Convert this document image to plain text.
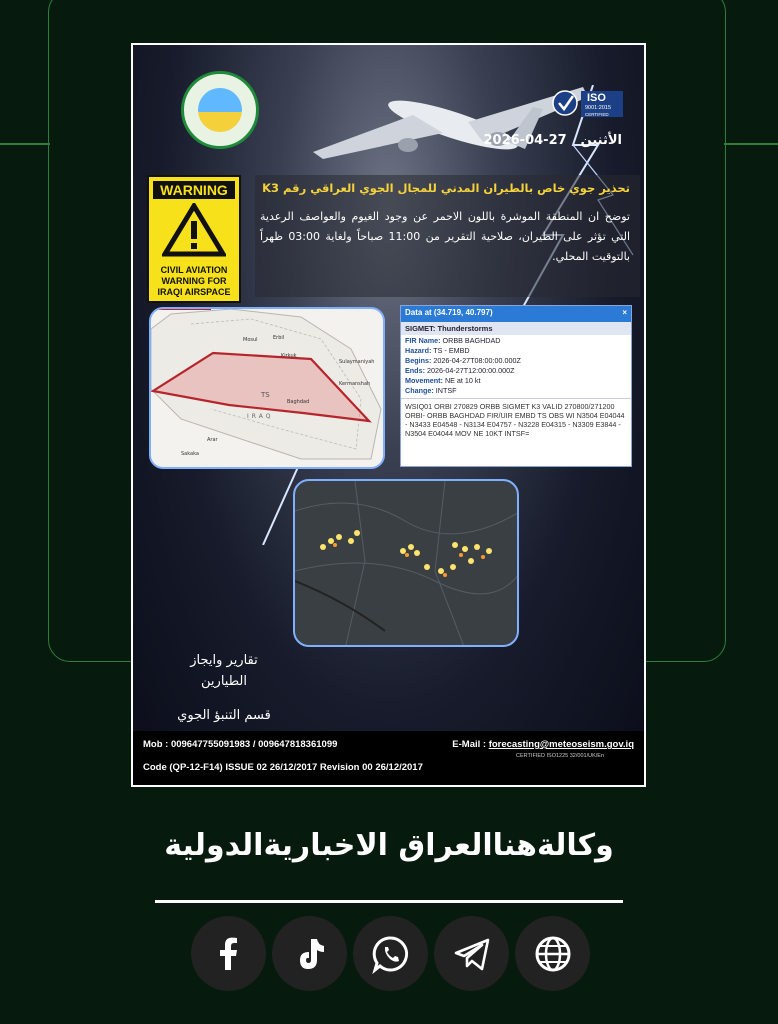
ISO
9001:2015
CERTIFIED
2026-04-27 الأثنين
WARNING
CIVIL AVIATION WARNING FOR IRAQI AIRSPACE
تحذير جوي خاص بالطيران المدني للمجال الجوي العراقي رقم K3
توضح ان المنطقة الموشرة باللون الاحمر عن وجود الغيوم والعواصف الرعدية التي تؤثر على الطيران، صلاحية التقرير من 11:00 صباحاً ولغاية 03:00 ظهراً بالتوقيت المحلي.
Mosul	Erbil
Kirkuk
Sulaymaniyah
Kermanshah
Baghdad
IRAQ
TS
Arar
Sakaka
Data at (34.719, 40.797)	×
SIGMET: Thunderstorms
FIR Name: ORBB BAGHDAD
Hazard: TS - EMBD
Begins: 2026-04-27T08:00:00.000Z
Ends: 2026-04-27T12:00:00.000Z
Movement: NE at 10 kt
Change: INTSF
WSIQ01 ORBI 270829 ORBB SIGMET K3 VALID 270800/271200 ORBI- ORBB BAGHDAD FIR/UIR EMBD TS OBS WI N3504 E04044 - N3433 E04548 - N3134 E04757 - N3228 E04315 - N3309 E3844 - N3504 E04044 MOV NE 10KT INTSF=
تقارير وايجاز الطيارين
قسم التنبؤ الجوي
Mob : 009647755091983 / 009647818361099	E-Mail : forecasting@meteoseism.gov.iq
CERTIFIED ISO1225 32/001/UK/En
Code (QP-12-F14) ISSUE 02 26/12/2017 Revision 00 26/12/2017
وكالةهناالعراق الاخباريةالدولية
